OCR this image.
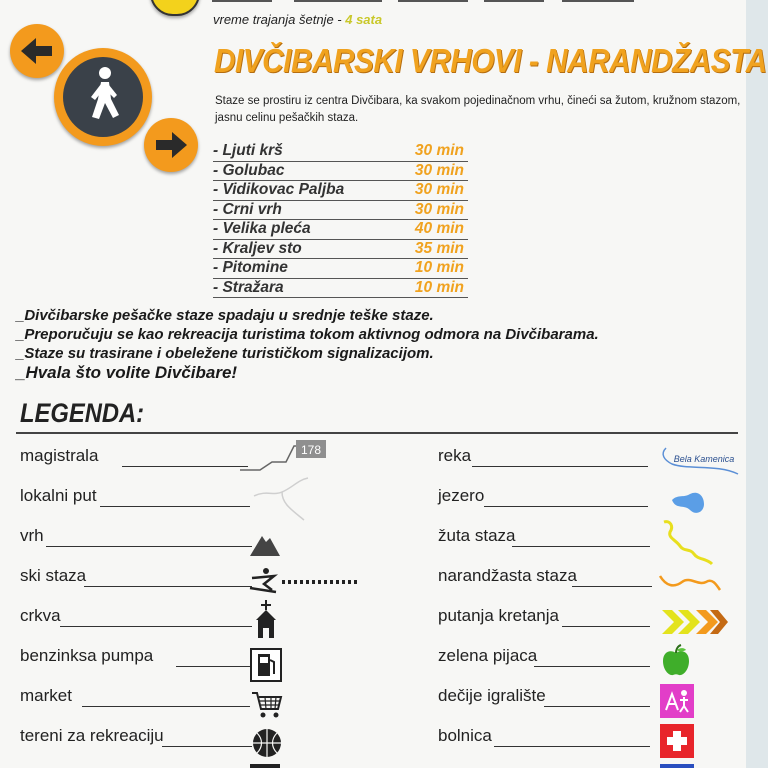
vreme trajanja šetnje - 4 sata
DIVČIBARSKI VRHOVI - NARANDŽASTA
Staze se prostiru iz centra Divčibara, ka svakom pojedinačnom vrhu, čineći sa žutom, kružnom stazom, jasnu celinu pešačkih staza.
- Ljuti krš	30 min
- Golubac	30 min
- Vidikovac Paljba	30 min
- Crni vrh	30 min
- Velika pleća	40 min
- Kraljev sto	35 min
- Pitomine	10 min
- Stražara	10 min
_Divčibarske pešačke staze spadaju u srednje teške staze.
_Preporučuju se kao rekreacija turistima tokom aktivnog odmora na Divčibarama.
_Staze su trasirane i obeležene turističkom signalizacijom.
_Hvala što volite Divčibare!
LEGENDA:
magistrala	178
lokalni put
vrh
ski staza
crkva
benzinksa pumpa
market
tereni za rekreaciju
reka	Bela Kamenica
jezero
žuta staza
narandžasta staza
putanja kretanja
zelena pijaca
dečije igralište
bolnica
